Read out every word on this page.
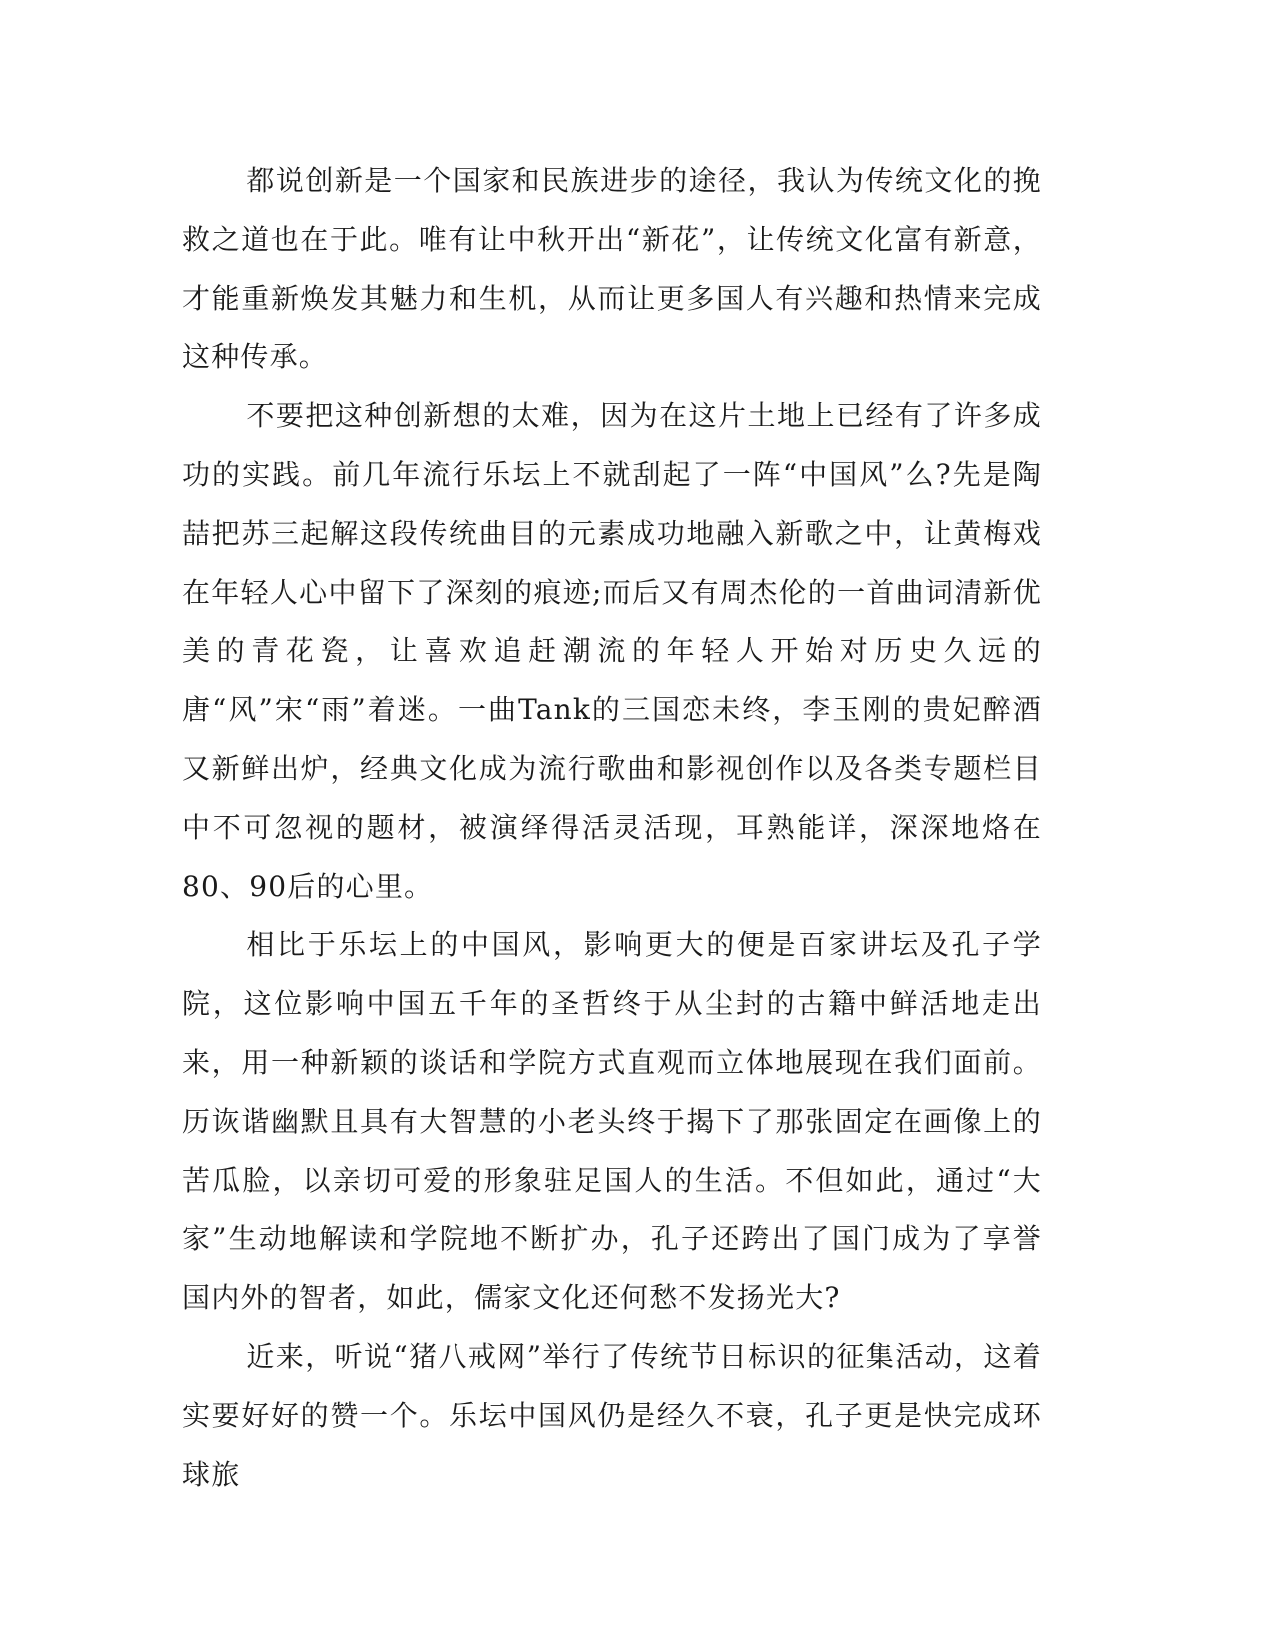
都说创新是一个国家和民族进步的途径，我认为传统文化的挽救之道也在于此。唯有让中秋开出“新花”，让传统文化富有新意，才能重新焕发其魅力和生机，从而让更多国人有兴趣和热情来完成这种传承。

不要把这种创新想的太难，因为在这片土地上已经有了许多成功的实践。前几年流行乐坛上不就刮起了一阵“中国风”么?先是陶喆把苏三起解这段传统曲目的元素成功地融入新歌之中，让黄梅戏在年轻人心中留下了深刻的痕迹;而后又有周杰伦的一首曲词清新优美的青花瓷，让喜欢追赶潮流的年轻人开始对历史久远的唐“风”宋“雨”着迷。一曲Tank的三国恋未终，李玉刚的贵妃醉酒又新鲜出炉，经典文化成为流行歌曲和影视创作以及各类专题栏目中不可忽视的题材，被演绎得活灵活现，耳熟能详，深深地烙在80、90后的心里。

相比于乐坛上的中国风，影响更大的便是百家讲坛及孔子学院，这位影响中国五千年的圣哲终于从尘封的古籍中鲜活地走出来，用一种新颖的谈话和学院方式直观而立体地展现在我们面前。历诙谐幽默且具有大智慧的小老头终于揭下了那张固定在画像上的苦瓜脸，以亲切可爱的形象驻足国人的生活。不但如此，通过“大家”生动地解读和学院地不断扩办，孔子还跨出了国门成为了享誉国内外的智者，如此，儒家文化还何愁不发扬光大?

近来，听说“猪八戒网”举行了传统节日标识的征集活动，这着实要好好的赞一个。乐坛中国风仍是经久不衰，孔子更是快完成环球旅
